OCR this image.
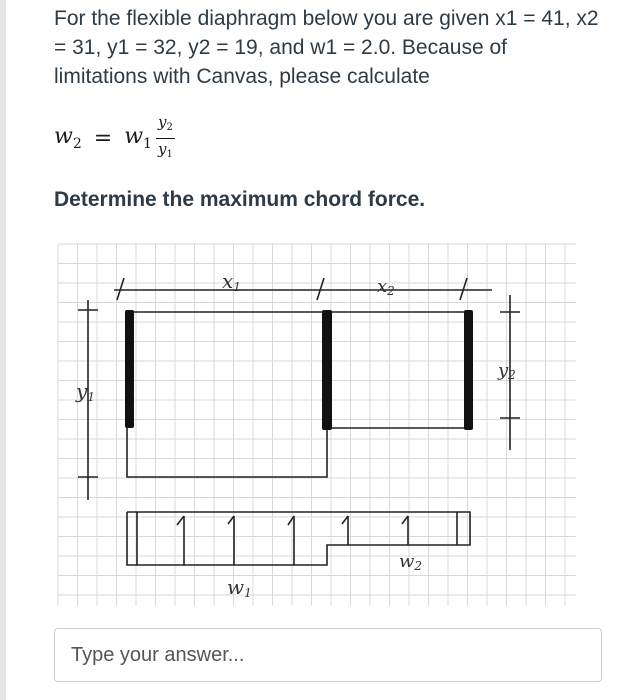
For the flexible diaphragm below you are given x1 = 41, x2 = 31, y1 = 32, y2 = 19, and w1 = 2.0. Because of limitations with Canvas, please calculate
$w_2 = w_1 \frac{y_2}{y_1}$
Determine the maximum chord force.
x1	x2
y1
y2
w1
w2
Type your answer...
